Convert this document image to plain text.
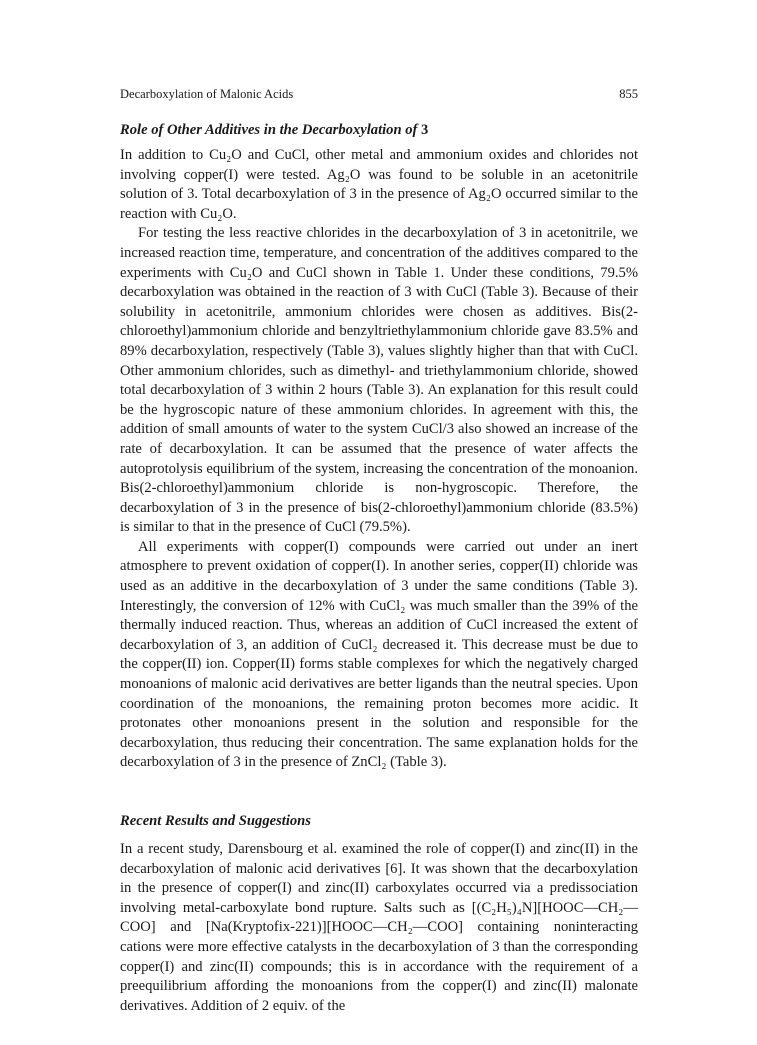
Decarboxylation of Malonic Acids	855
Role of Other Additives in the Decarboxylation of 3

In addition to Cu₂O and CuCl, other metal and ammonium oxides and chlorides not involving copper(I) were tested. Ag₂O was found to be soluble in an acetonitrile solution of 3. Total decarboxylation of 3 in the presence of Ag₂O occurred similar to the reaction with Cu₂O.

For testing the less reactive chlorides in the decarboxylation of 3 in acetonitrile, we increased reaction time, temperature, and concentration of the additives compared to the experiments with Cu₂O and CuCl shown in Table 1. Under these conditions, 79.5% decarboxylation was obtained in the reaction of 3 with CuCl (Table 3). Because of their solubility in acetonitrile, ammonium chlorides were chosen as additives. Bis(2-chloroethyl)ammonium chloride and benzyltriethylammonium chloride gave 83.5% and 89% decarboxylation, respectively (Table 3), values slightly higher than that with CuCl. Other ammonium chlorides, such as dimethyl- and triethylammonium chloride, showed total decarboxylation of 3 within 2 hours (Table 3). An explanation for this result could be the hygroscopic nature of these ammonium chlorides. In agreement with this, the addition of small amounts of water to the system CuCl/3 also showed an increase of the rate of decarboxylation. It can be assumed that the presence of water affects the autoprotolysis equilibrium of the system, increasing the concentration of the monoanion. Bis(2-chloroethyl)ammonium chloride is non-hygroscopic. Therefore, the decarboxylation of 3 in the presence of bis(2-chloroethyl)ammonium chloride (83.5%) is similar to that in the presence of CuCl (79.5%).

All experiments with copper(I) compounds were carried out under an inert atmosphere to prevent oxidation of copper(I). In another series, copper(II) chloride was used as an additive in the decarboxylation of 3 under the same conditions (Table 3). Interestingly, the conversion of 12% with CuCl₂ was much smaller than the 39% of the thermally induced reaction. Thus, whereas an addition of CuCl increased the extent of decarboxylation of 3, an addition of CuCl₂ decreased it. This decrease must be due to the copper(II) ion. Copper(II) forms stable complexes for which the negatively charged monoanions of malonic acid derivatives are better ligands than the neutral species. Upon coordination of the monoanions, the remaining proton becomes more acidic. It protonates other monoanions present in the solution and responsible for the decarboxylation, thus reducing their concentration. The same explanation holds for the decarboxylation of 3 in the presence of ZnCl₂ (Table 3).

Recent Results and Suggestions

In a recent study, Darensbourg et al. examined the role of copper(I) and zinc(II) in the decarboxylation of malonic acid derivatives [6]. It was shown that the decarboxylation in the presence of copper(I) and zinc(II) carboxylates occurred via a predissociation involving metal-carboxylate bond rupture. Salts such as [(C₂H₅)₄N][HOOC—CH₂—COO] and [Na(Kryptofix-221)][HOOC—CH₂—COO] containing noninteracting cations were more effective catalysts in the decarboxylation of 3 than the corresponding copper(I) and zinc(II) compounds; this is in accordance with the requirement of a preequilibrium affording the monoanions from the copper(I) and zinc(II) malonate derivatives. Addition of 2 equiv. of the
